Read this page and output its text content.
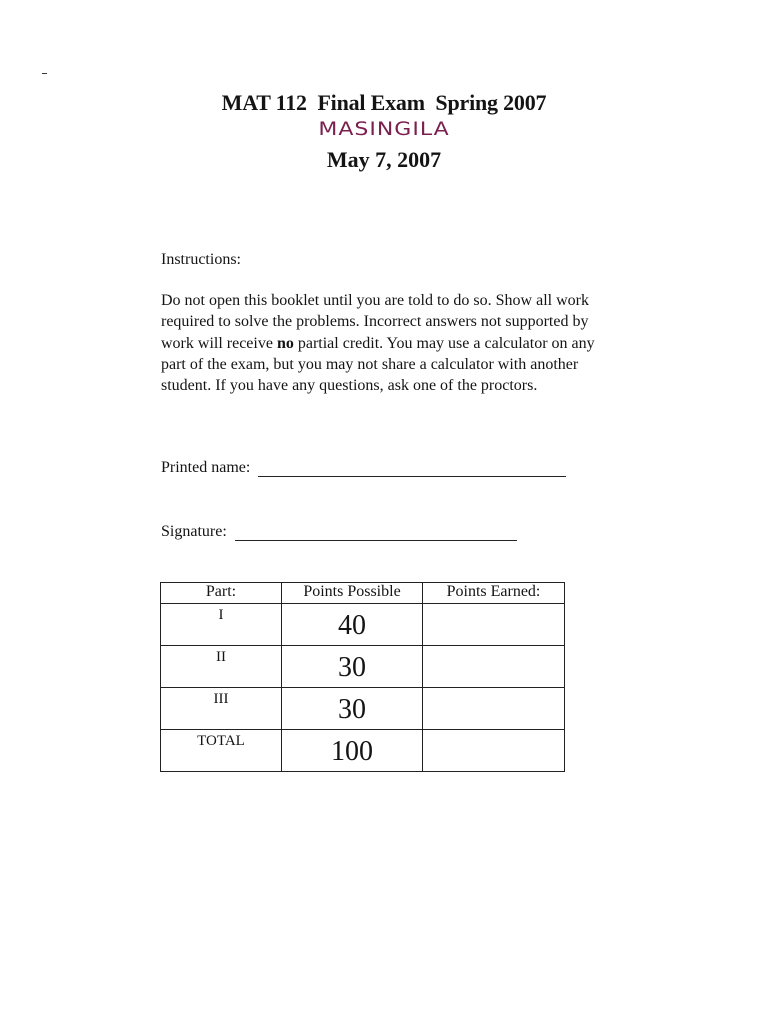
MAT 112  Final Exam  Spring 2007
MASINGILA
May 7, 2007
Instructions:
Do not open this booklet until you are told to do so. Show all work required to solve the problems. Incorrect answers not supported by work will receive no partial credit. You may use a calculator on any part of the exam, but you may not share a calculator with another student. If you have any questions, ask one of the proctors.
Printed name:
Signature:
Part:	Points Possible	Points Earned:

I	40	

II	30	

III	30	

TOTAL	100	
